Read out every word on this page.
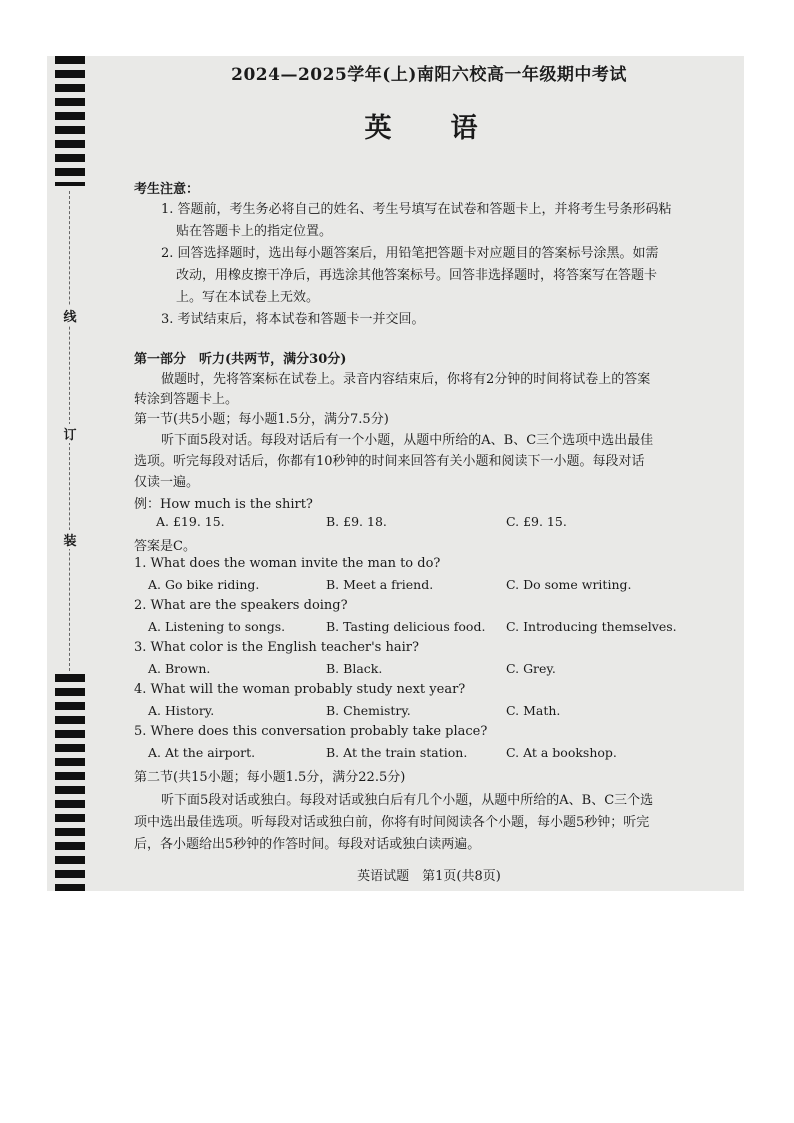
线
订
装
2024—2025学年(上)南阳六校高一年级期中考试
英　语
考生注意：
1. 答题前，考生务必将自己的姓名、考生号填写在试卷和答题卡上，并将考生号条形码粘
贴在答题卡上的指定位置。
2. 回答选择题时，选出每小题答案后，用铅笔把答题卡对应题目的答案标号涂黑。如需
改动，用橡皮擦干净后，再选涂其他答案标号。回答非选择题时，将答案写在答题卡
上。写在本试卷上无效。
3. 考试结束后，将本试卷和答题卡一并交回。
第一部分　听力(共两节，满分30分)
做题时，先将答案标在试卷上。录音内容结束后，你将有2分钟的时间将试卷上的答案
转涂到答题卡上。
第一节(共5小题；每小题1.5分，满分7.5分)
听下面5段对话。每段对话后有一个小题，从题中所给的A、B、C三个选项中选出最佳
选项。听完每段对话后，你都有10秒钟的时间来回答有关小题和阅读下一小题。每段对话
仅读一遍。
例：How much is the shirt?
A. £19. 15.	B. £9. 18.	C. £9. 15.
答案是C。
1. What does the woman invite the man to do?
A. Go bike riding.	B. Meet a friend.	C. Do some writing.
2. What are the speakers doing?
A. Listening to songs.	B. Tasting delicious food. C. Introducing themselves.
3. What color is the English teacher's hair?
A. Brown.	B. Black.	C. Grey.
4. What will the woman probably study next year?
A. History.	B. Chemistry.	C. Math.
5. Where does this conversation probably take place?
A. At the airport.	B. At the train station.	C. At a bookshop.
第二节(共15小题；每小题1.5分，满分22.5分)
听下面5段对话或独白。每段对话或独白后有几个小题，从题中所给的A、B、C三个选
项中选出最佳选项。听每段对话或独白前，你将有时间阅读各个小题，每小题5秒钟；听完
后，各小题给出5秒钟的作答时间。每段对话或独白读两遍。
英语试题　第1页(共8页)
